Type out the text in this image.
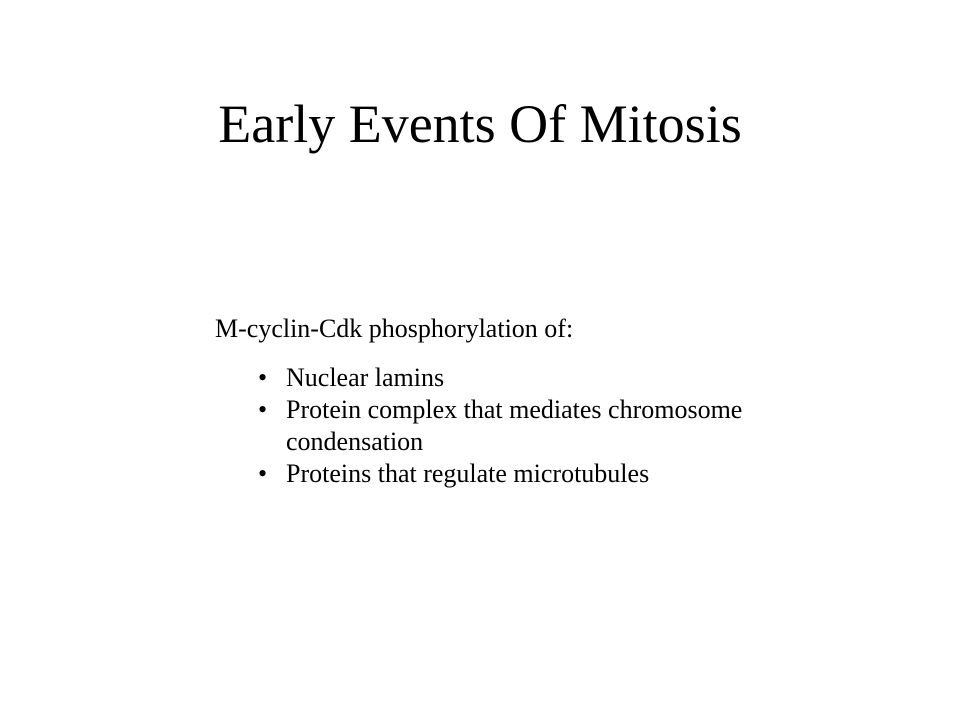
Early Events Of Mitosis

M-cyclin-Cdk phosphorylation of:

• Nuclear lamins
• Protein complex that mediates chromosome condensation
• Proteins that regulate microtubules
